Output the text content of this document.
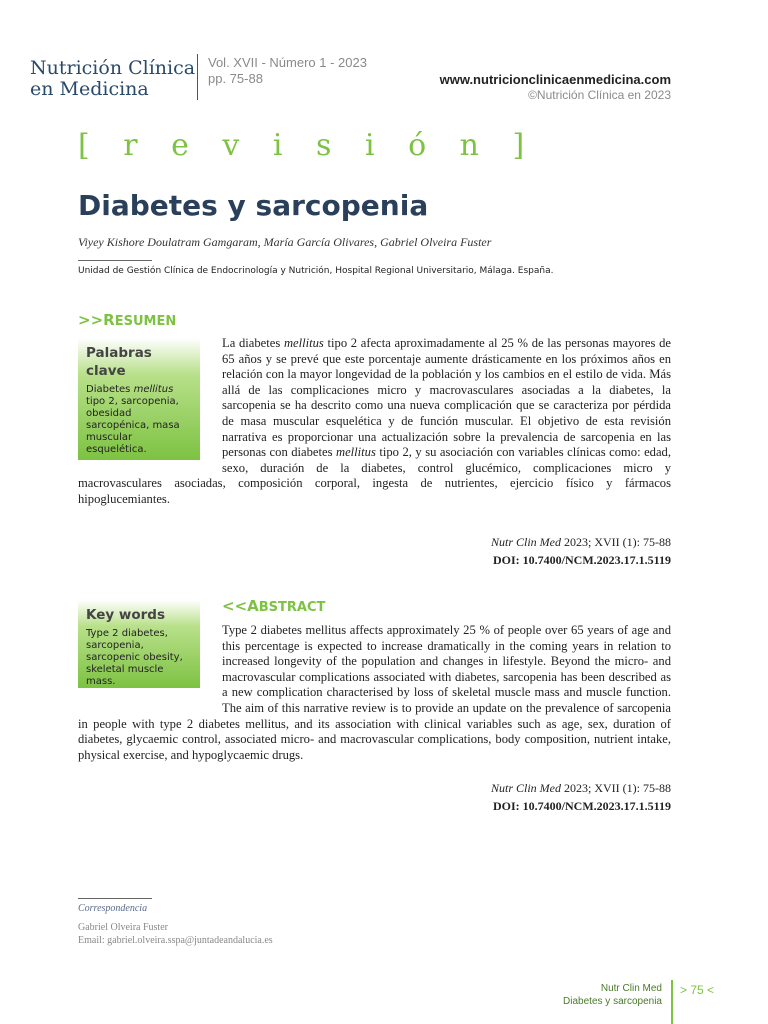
Nutrición Clínica
en Medicina
Vol. XVII - Número 1 - 2023
pp. 75-88	www.nutricionclinicaenmedicina.com
©Nutrición Clínica en 2023
[ r e v i s i ó n ]
Diabetes y sarcopenia
Viyey Kishore Doulatram Gamgaram, María García Olivares, Gabriel Olveira Fuster
Unidad de Gestión Clínica de Endocrinología y Nutrición, Hospital Regional Universitario, Málaga. España.
>>RESUMEN
Palabras clave
Diabetes mellitus tipo 2, sarcopenia, obesidad sarcopénica, masa muscular esquelética.
La diabetes mellitus tipo 2 afecta aproximadamente al 25 % de las personas mayores de 65 años y se prevé que este porcentaje aumente drásticamente en los próximos años en relación con la mayor longevidad de la población y los cambios en el estilo de vida. Más allá de las complicaciones micro y macrovasculares asociadas a la diabetes, la sarcopenia se ha descrito como una nueva complicación que se caracteriza por pérdida de masa muscular esquelética y de función muscular. El objetivo de esta revisión narrativa es proporcionar una actualización sobre la prevalencia de sarcopenia en las personas con diabetes mellitus tipo 2, y su asociación con variables clínicas como: edad, sexo, duración de la diabetes, control glucémico, complicaciones micro y macrovasculares asociadas, composición corporal, ingesta de nutrientes, ejercicio físico y fármacos hipoglucemiantes.
Nutr Clin Med 2023; XVII (1): 75-88
DOI: 10.7400/NCM.2023.17.1.5119
Key words
Type 2 diabetes, sarcopenia, sarcopenic obesity, skeletal muscle mass.
<<ABSTRACT
Type 2 diabetes mellitus affects approximately 25 % of people over 65 years of age and this percentage is expected to increase dramatically in the coming years in relation to increased longevity of the population and changes in lifestyle. Beyond the micro- and macrovascular complications associated with diabetes, sarcopenia has been described as a new complication characterised by loss of skeletal muscle mass and muscle function. The aim of this narrative review is to provide an update on the prevalence of sarcopenia in people with type 2 diabetes mellitus, and its association with clinical variables such as age, sex, duration of diabetes, glycaemic control, associated micro- and macrovascular complications, body composition, nutrient intake, physical exercise, and hypoglycaemic drugs.
Nutr Clin Med 2023; XVII (1): 75-88
DOI: 10.7400/NCM.2023.17.1.5119
Correspondencia
Gabriel Olveira Fuster
Email: gabriel.olveira.sspa@juntadeandalucia.es
Nutr Clin Med
Diabetes y sarcopenia
> 75 <
